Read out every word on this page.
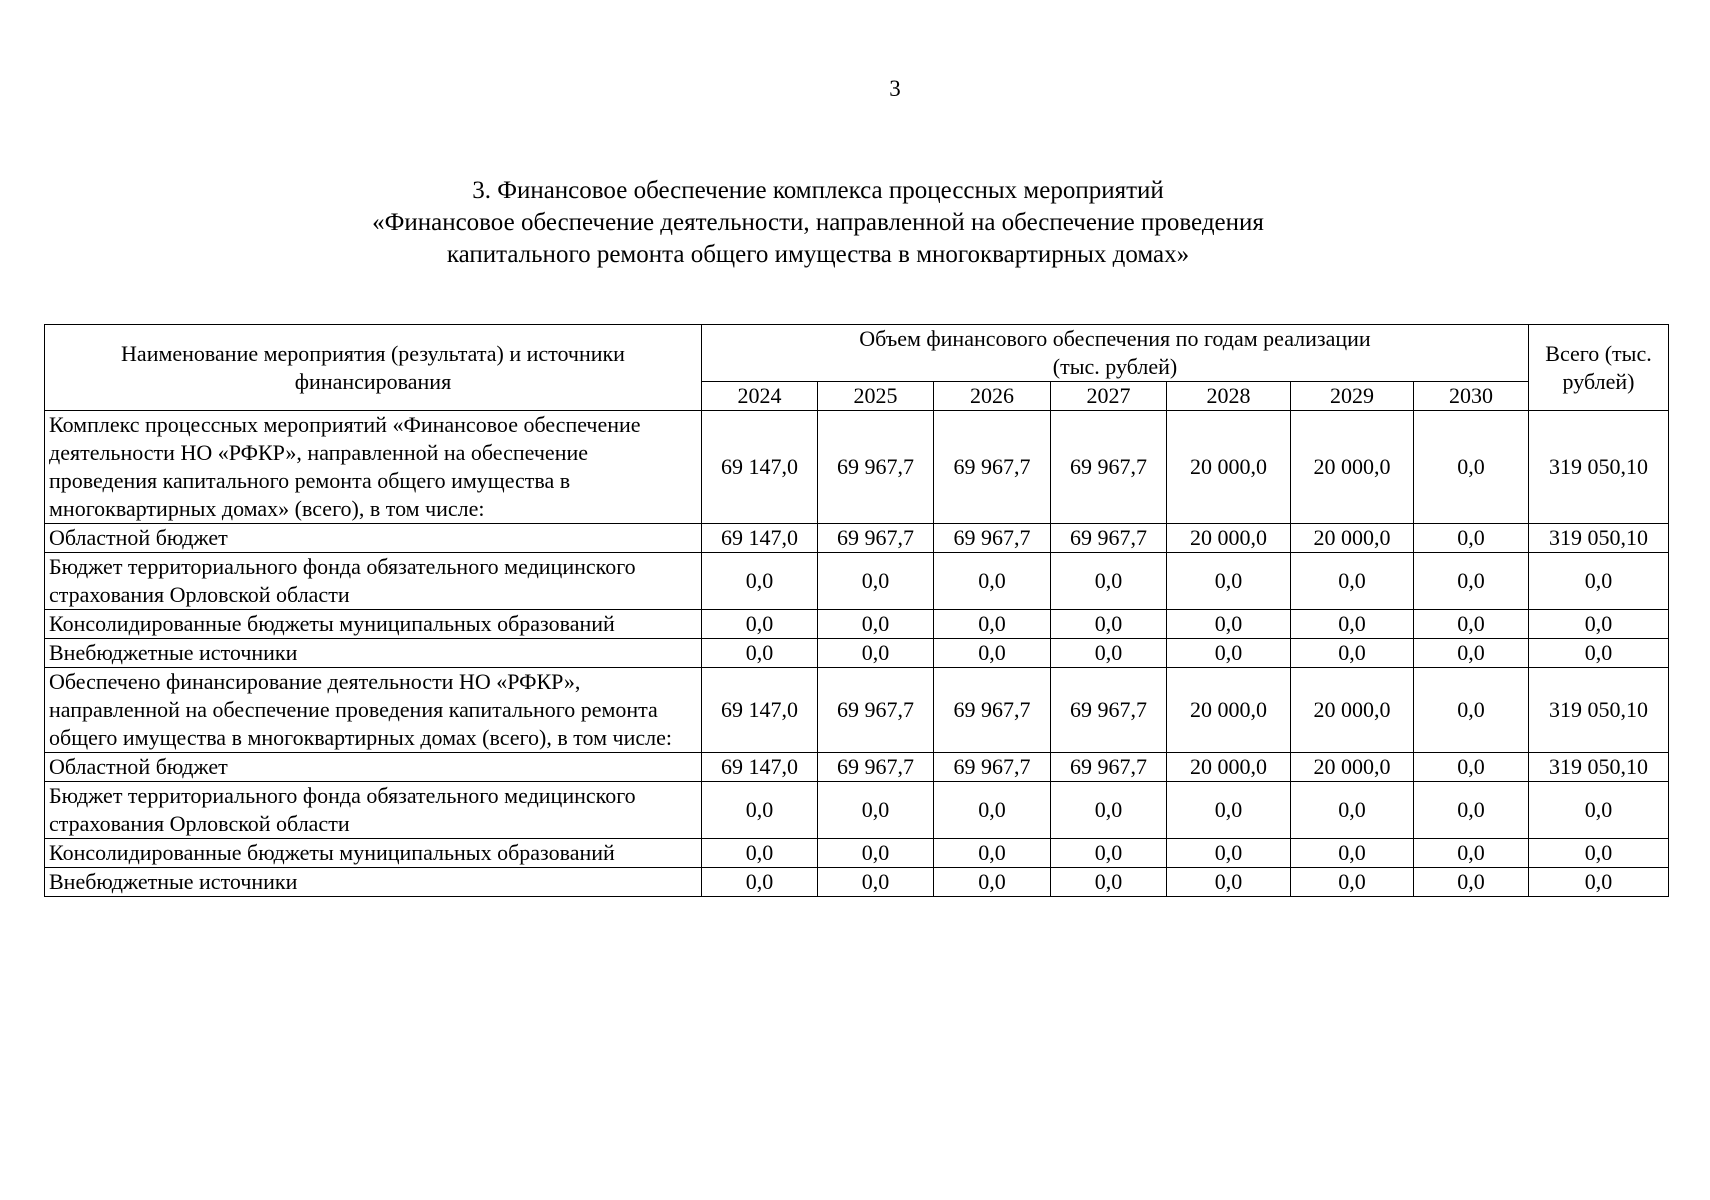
3
3. Финансовое обеспечение комплекса процессных мероприятий
«Финансовое обеспечение деятельности, направленной на обеспечение проведения
капитального ремонта общего имущества в многоквартирных домах»
Наименование мероприятия (результата) и источники финансирования	Объем финансового обеспечения по годам реализации
(тыс. рублей)							Всего (тыс. рублей)
	2024	2025	2026	2027	2028	2029	2030	
Комплекс процессных мероприятий «Финансовое обеспечение деятельности НО «РФКР», направленной на обеспечение проведения капитального ремонта общего имущества в многоквартирных домах» (всего), в том числе:	69 147,0	69 967,7	69 967,7	69 967,7	20 000,0	20 000,0	0,0	319 050,10
Областной бюджет	69 147,0	69 967,7	69 967,7	69 967,7	20 000,0	20 000,0	0,0	319 050,10
Бюджет территориального фонда обязательного медицинского страхования Орловской области	0,0	0,0	0,0	0,0	0,0	0,0	0,0	0,0
Консолидированные бюджеты муниципальных образований	0,0	0,0	0,0	0,0	0,0	0,0	0,0	0,0
Внебюджетные источники	0,0	0,0	0,0	0,0	0,0	0,0	0,0	0,0
Обеспечено финансирование деятельности НО «РФКР», направленной на обеспечение проведения капитального ремонта общего имущества в многоквартирных домах (всего), в том числе:	69 147,0	69 967,7	69 967,7	69 967,7	20 000,0	20 000,0	0,0	319 050,10
Областной бюджет	69 147,0	69 967,7	69 967,7	69 967,7	20 000,0	20 000,0	0,0	319 050,10
Бюджет территориального фонда обязательного медицинского страхования Орловской области	0,0	0,0	0,0	0,0	0,0	0,0	0,0	0,0
Консолидированные бюджеты муниципальных образований	0,0	0,0	0,0	0,0	0,0	0,0	0,0	0,0
Внебюджетные источники	0,0	0,0	0,0	0,0	0,0	0,0	0,0	0,0
